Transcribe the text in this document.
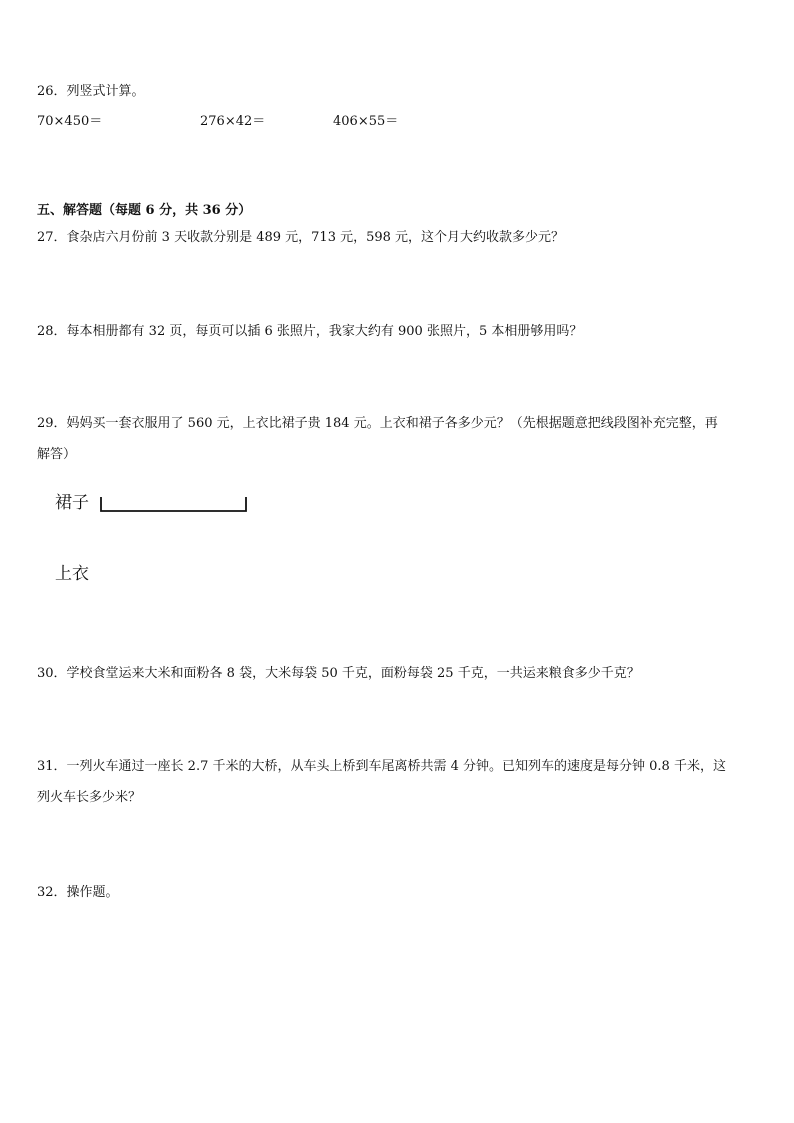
26．列竖式计算。
70×450＝	276×42＝	406×55＝
五、解答题（每题 6 分，共 36 分）
27．食杂店六月份前 3 天收款分别是 489 元，713 元，598 元，这个月大约收款多少元？
28．每本相册都有 32 页，每页可以插 6 张照片，我家大约有 900 张照片，5 本相册够用吗？
29．妈妈买一套衣服用了 560 元，上衣比裙子贵 184 元。上衣和裙子各多少元？（先根据题意把线段图补充完整，再
解答）
裙子
上衣
30．学校食堂运来大米和面粉各 8 袋，大米每袋 50 千克，面粉每袋 25 千克，一共运来粮食多少千克？
31．一列火车通过一座长 2.7 千米的大桥，从车头上桥到车尾离桥共需 4 分钟。已知列车的速度是每分钟 0.8 千米，这
列火车长多少米？
32．操作题。
